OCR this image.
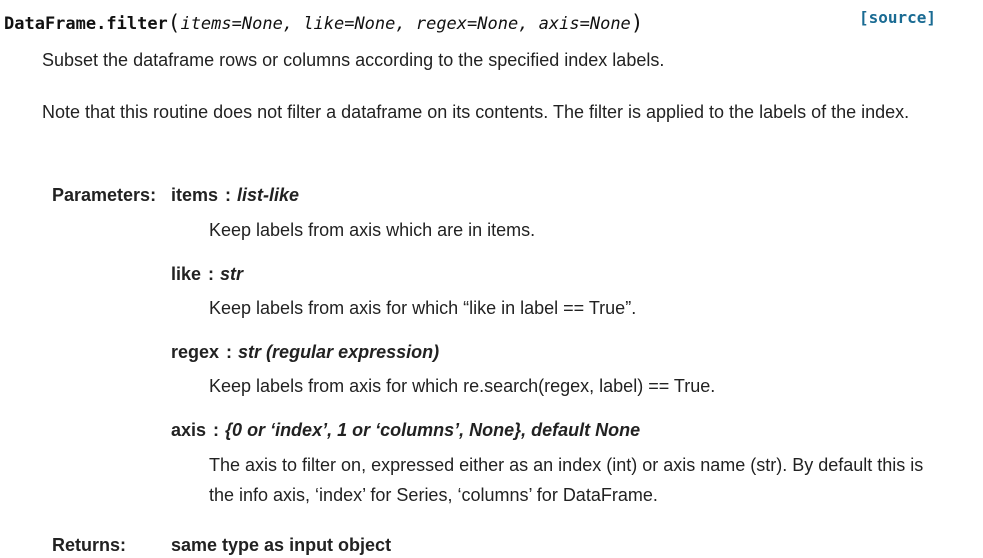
DataFrame.filter(items=None, like=None, regex=None, axis=None)	[source]
Subset the dataframe rows or columns according to the specified index labels.
Note that this routine does not filter a dataframe on its contents. The filter is applied to the labels of the index.
Parameters: items : list-like
Keep labels from axis which are in items.
like : str
Keep labels from axis for which “like in label == True”.
regex : str (regular expression)
Keep labels from axis for which re.search(regex, label) == True.
axis : {0 or ‘index’, 1 or ‘columns’, None}, default None
The axis to filter on, expressed either as an index (int) or axis name (str). By default this is the info axis, ‘index’ for Series, ‘columns’ for DataFrame.
Returns: same type as input object
